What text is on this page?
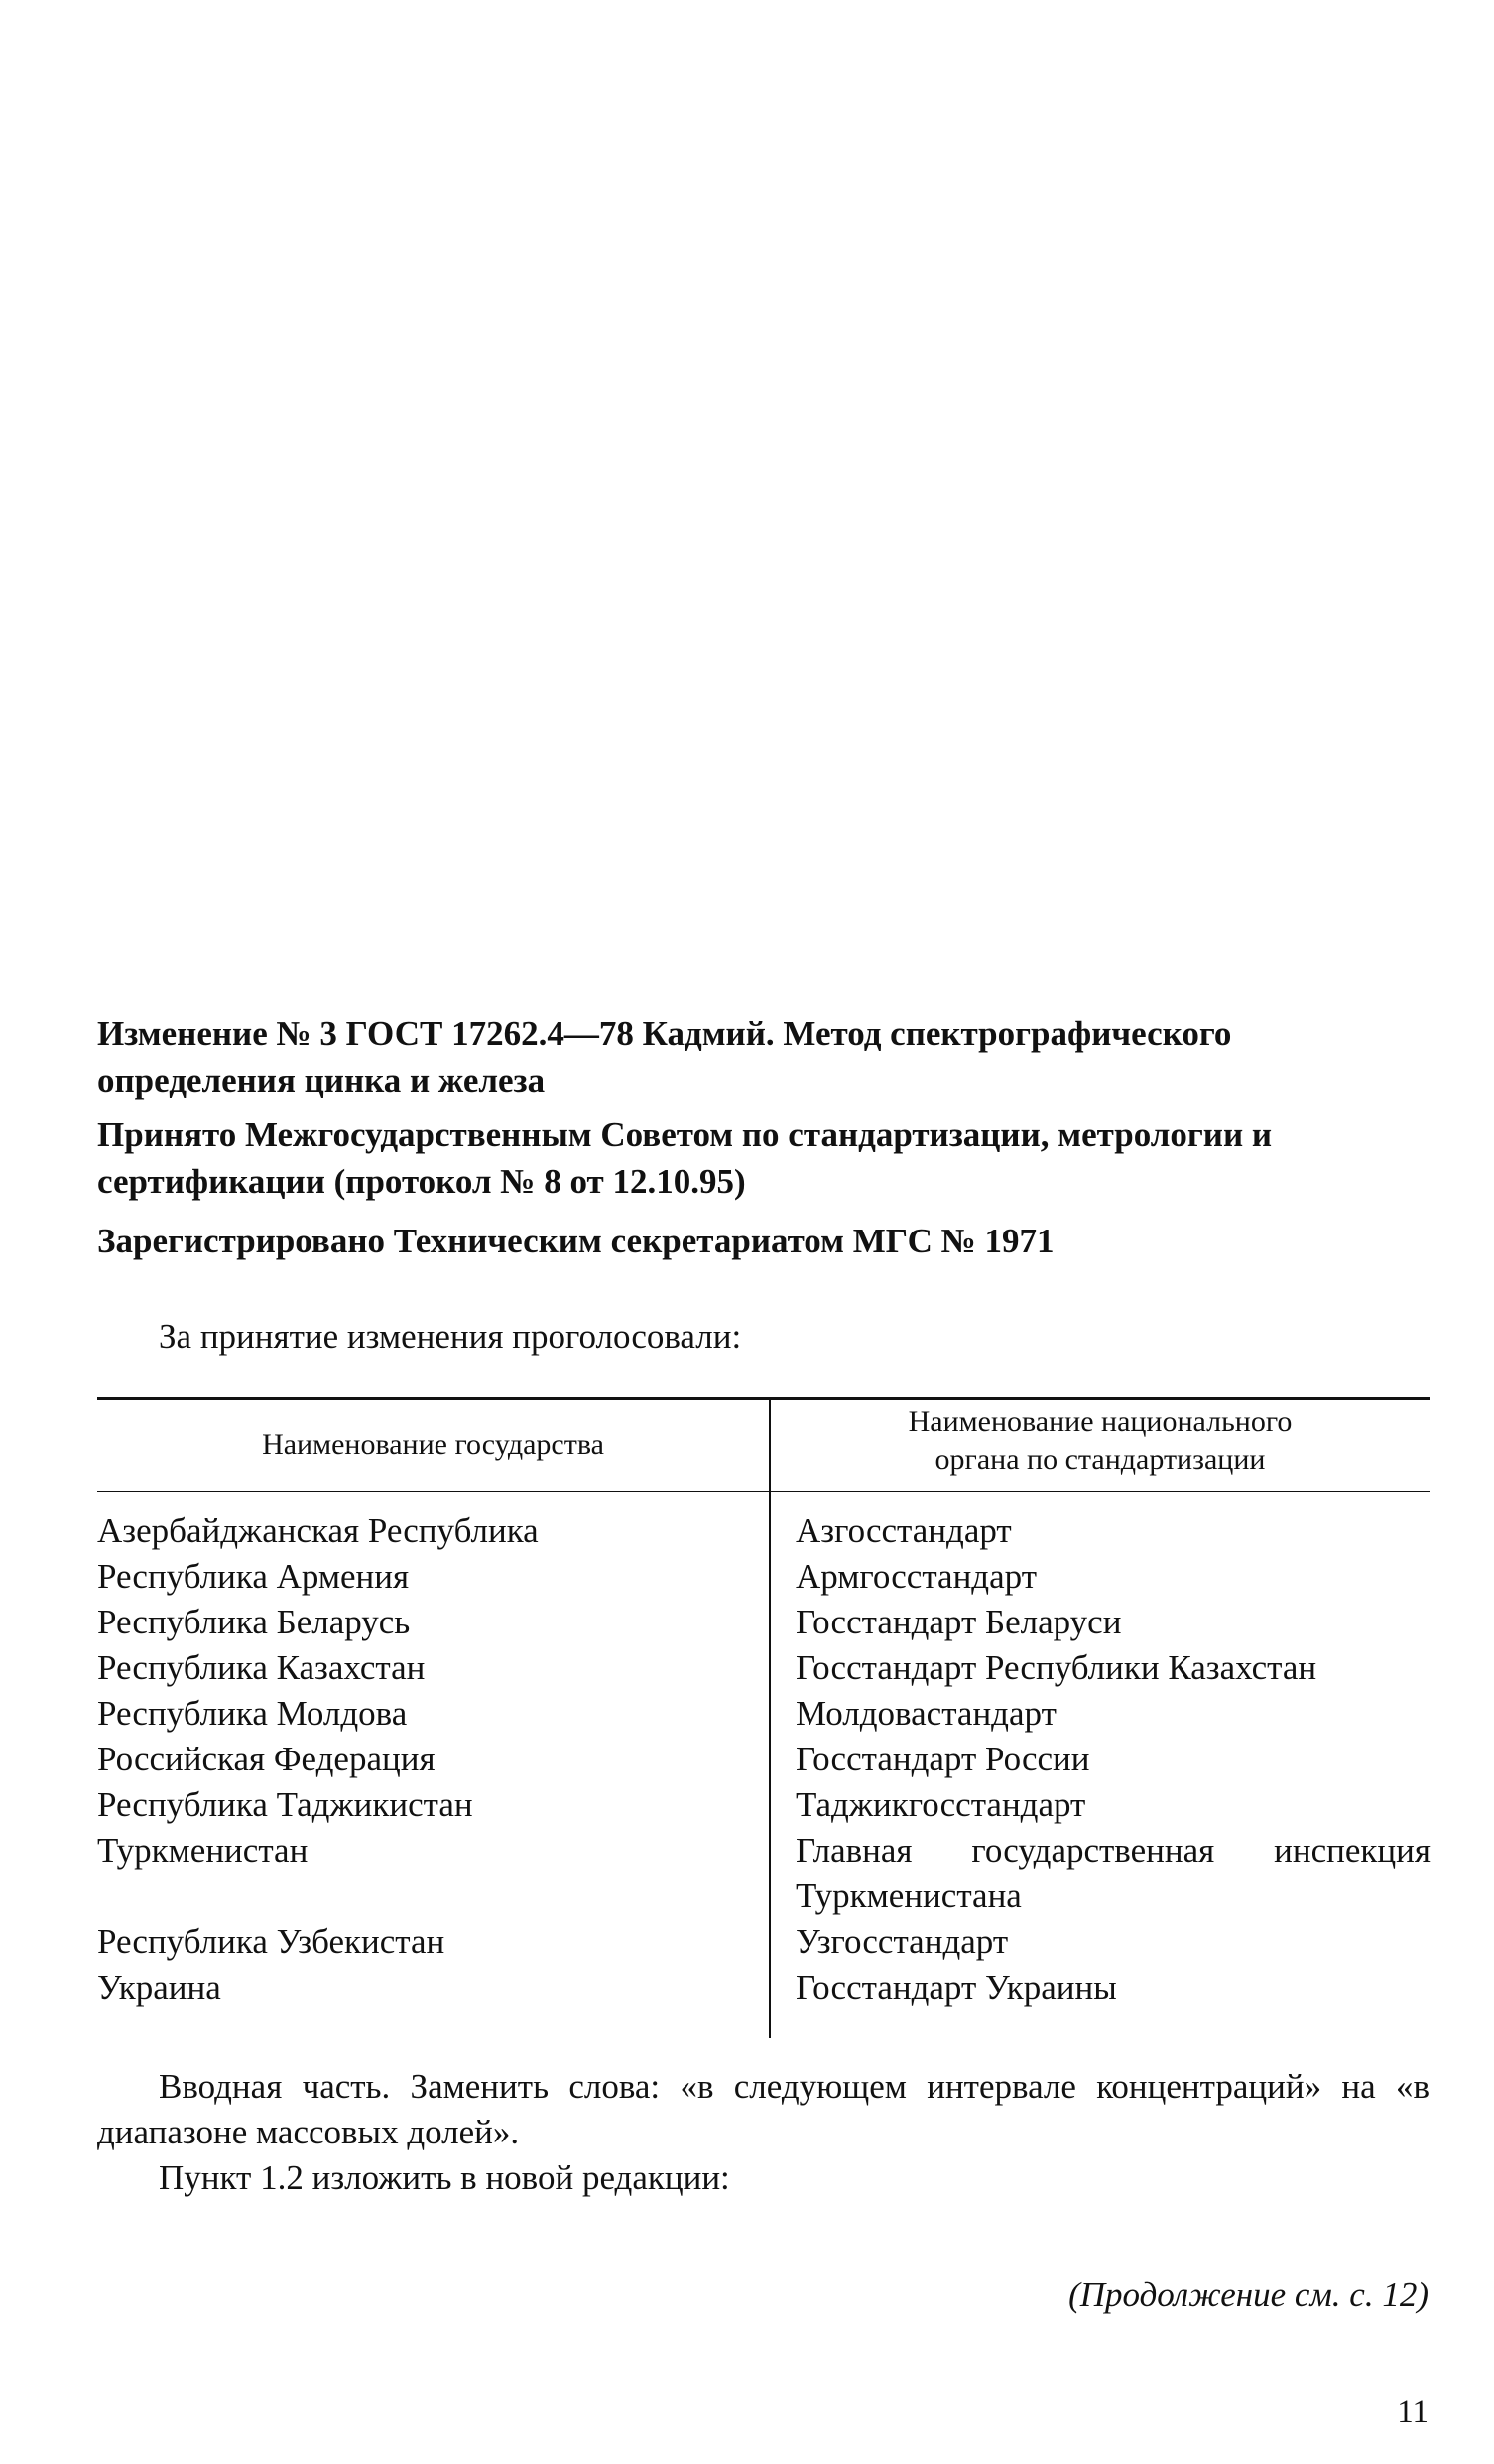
Изменение № 3 ГОСТ 17262.4—78 Кадмий. Метод спектрографического определения цинка и железа
Принято Межгосударственным Советом по стандартизации, метрологии и сертификации (протокол № 8 от 12.10.95)
Зарегистрировано Техническим секретариатом МГС № 1971
За принятие изменения проголосовали:
Наименование государства
Наименование национального
органа по стандартизации
Азербайджанская Республика
Республика Армения
Республика Беларусь
Республика Казахстан
Республика Молдова
Российская Федерация
Республика Таджикистан
Туркменистан
Республика Узбекистан
Украина
Азгосстандарт
Армгосстандарт
Госстандарт Беларуси
Госстандарт Республики Казахстан
Молдовастандарт
Госстандарт России
Таджикгосстандарт
Главная государственная инспекция Туркменистана
Узгосстандарт
Госстандарт Украины
Вводная часть. Заменить слова: «в следующем интервале концентраций» на «в диапазоне массовых долей».
Пункт 1.2 изложить в новой редакции:
(Продолжение см. с. 12)
11
